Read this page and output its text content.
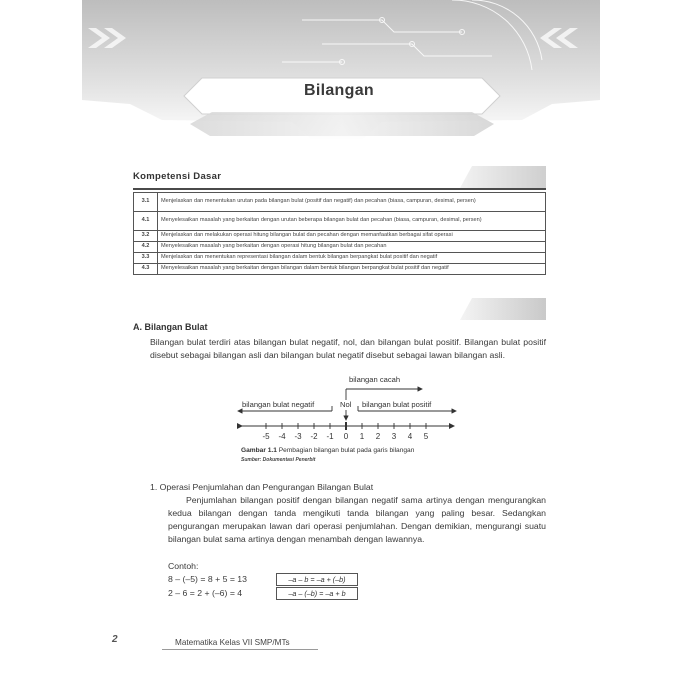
Bilangan
Kompetensi Dasar
3.1	Menjelaskan dan menentukan urutan pada bilangan bulat (positif dan negatif) dan pecahan (biasa, campuran, desimal, persen)
4.1	Menyelesaikan masalah yang berkaitan dengan urutan beberapa bilangan bulat dan pecahan (biasa, campuran, desimal, persen)
3.2	Menjelaskan dan melakukan operasi hitung bilangan bulat dan pecahan dengan memanfaatkan berbagai sifat operasi
4.2	Menyelesaikan masalah yang berkaitan dengan operasi hitung bilangan bulat dan pecahan
3.3	Menjelaskan dan menentukan representasi bilangan dalam bentuk bilangan berpangkat bulat positif dan negatif
4.3	Menyelesaikan masalah yang berkaitan dengan bilangan dalam bentuk bilangan berpangkat bulat positif dan negatif
A. Bilangan Bulat
Bilangan bulat terdiri atas bilangan bulat negatif, nol, dan bilangan bulat positif. Bilangan bulat positif disebut sebagai bilangan asli dan bilangan bulat negatif disebut sebagai lawan bilangan asli.
bilangan cacah
bilangan bulat negatif	Nol bilangan bulat positif
-5 -4 -3 -2 -1 0 1 2 3 4 5
Gambar 1.1 Pembagian bilangan bulat pada garis bilangan
Sumber: Dokumentasi Penerbit
1. Operasi Penjumlahan dan Pengurangan Bilangan Bulat
Penjumlahan bilangan positif dengan bilangan negatif sama artinya dengan mengurangkan kedua bilangan dengan tanda mengikuti tanda bilangan yang paling besar. Sedangkan pengurangan merupakan lawan dari operasi penjumlahan. Dengan demikian, mengurangi suatu bilangan bulat sama artinya dengan menambah dengan lawannya.
Contoh:
8 – (–5) = 8 + 5 = 13	–a – b = –a + (–b)
2 – 6 = 2 + (–6) = 4	–a – (–b) = –a + b
2	Matematika Kelas VII SMP/MTs
